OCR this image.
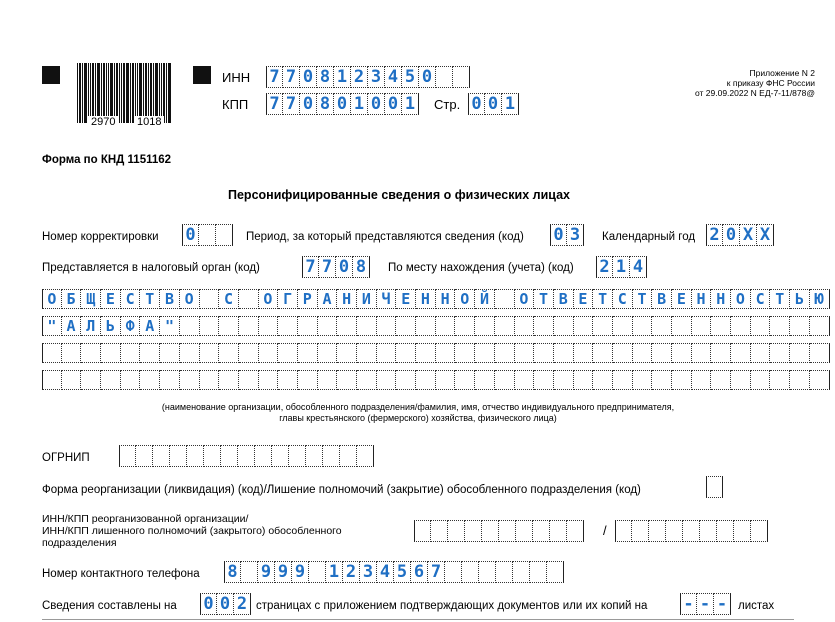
2970 1018
ИНН 7 7 0 8 1 2 3 4 5 0
КПП 7 7 0 8 0 1 0 0 1 Стр. 0 0 1
Приложение N 2
к приказу ФНС России
от 29.09.2022 N ЕД-7-11/878@
Форма по КНД 1151162
Персонифицированные сведения о физических лицах
Номер корректировки 0	Период, за который представляются сведения (код) 0 3	Календарный год 2 0 X X
Представляется в налоговый орган (код)	7 7 0 8	По месту нахождения (учета) (код) 2 1 4
О Б Щ Е С Т В О	С	О Г Р А Н И Ч Е Н Н О Й	О Т В Е Т С Т В Е Н Н О С Т Ь Ю
" А Л Ь Ф А "
(наименование организации, обособленного подразделения/фамилия, имя, отчество индивидуального предпринимателя,
главы крестьянского (фермерского) хозяйства, физического лица)
ОГРНИП
Форма реорганизации (ликвидация) (код)/Лишение полномочий (закрытие) обособленного подразделения (код)
ИНН/КПП реорганизованной организации/
ИНН/КПП лишенного полномочий (закрытого) обособленного
подразделения
/
Номер контактного телефона 8 9 9 9 1 2 3 4 5 6 7
Сведения составлены на 0 0 2 страницах с приложением подтверждающих документов или их копий на - - - листах
